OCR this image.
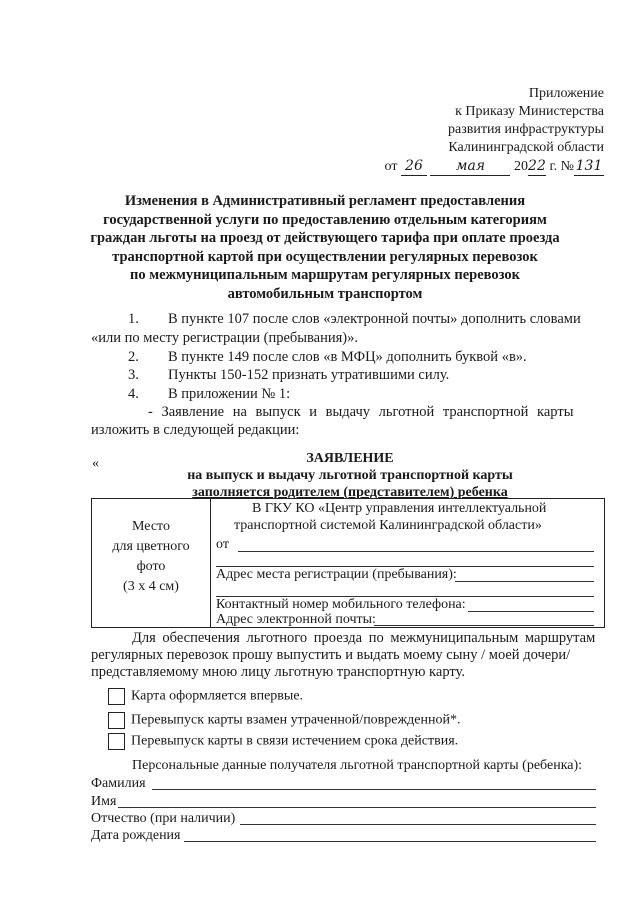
Приложение
к Приказу Министерства
развития инфраструктуры
Калининградской области
от 26 мая 2022 г. № 131
Изменения в Административный регламент предоставления
государственной услуги по предоставлению отдельным категориям
граждан льготы на проезд от действующего тарифа при оплате проезда
транспортной картой при осуществлении регулярных перевозок
по межмуниципальным маршрутам регулярных перевозок
автомобильным транспортом
1. В пункте 107 после слов «электронной почты» дополнить словами
«или по месту регистрации (пребывания)».
2. В пункте 149 после слов «в МФЦ» дополнить буквой «в».
3. Пункты 150-152 признать утратившими силу.
4. В приложении № 1:
- Заявление на выпуск и выдачу льготной транспортной карты
изложить в следующей редакции:
«	ЗАЯВЛЕНИЕ
на выпуск и выдачу льготной транспортной карты
заполняется родителем (представителем) ребенка
Место
для цветного
фото
(3 х 4 см)
В ГКУ КО «Центр управления интеллектуальной
транспортной системой Калининградской области»
от
Адрес места регистрации (пребывания):
Контактный номер мобильного телефона:
Адрес электронной почты:
Для обеспечения льготного проезда по межмуниципальным маршрутам
регулярных перевозок прошу выпустить и выдать моему сыну / моей дочери/
представляемому мною лицу льготную транспортную карту.
Карта оформляется впервые.
Перевыпуск карты взамен утраченной/поврежденной*.
Перевыпуск карты в связи истечением срока действия.
Персональные данные получателя льготной транспортной карты (ребенка):
Фамилия
Имя
Отчество (при наличии)
Дата рождения
